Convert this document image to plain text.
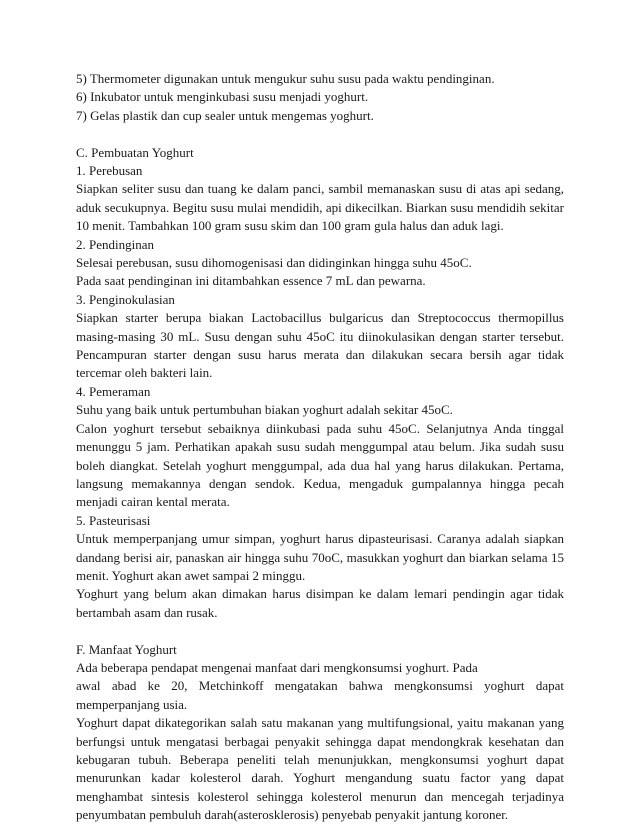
5) Thermometer digunakan untuk mengukur suhu susu pada waktu pendinginan.

6) Inkubator untuk menginkubasi susu menjadi yoghurt.

7) Gelas plastik dan cup sealer untuk mengemas yoghurt.

C. Pembuatan Yoghurt

1. Perebusan

Siapkan seliter susu dan tuang ke dalam panci, sambil memanaskan susu di atas api sedang, aduk secukupnya. Begitu susu mulai mendidih, api dikecilkan. Biarkan susu mendidih sekitar 10 menit. Tambahkan 100 gram susu skim dan 100 gram gula halus dan aduk lagi.

2. Pendinginan

Selesai perebusan, susu dihomogenisasi dan didinginkan hingga suhu 45oC.

Pada saat pendinginan ini ditambahkan essence 7 mL dan pewarna.

3. Penginokulasian

Siapkan starter berupa biakan Lactobacillus bulgaricus dan Streptococcus thermopillus masing-masing 30 mL. Susu dengan suhu 45oC itu diinokulasikan dengan starter tersebut. Pencampuran starter dengan susu harus merata dan dilakukan secara bersih agar tidak tercemar oleh bakteri lain.

4. Pemeraman

Suhu yang baik untuk pertumbuhan biakan yoghurt adalah sekitar 45oC.

Calon yoghurt tersebut sebaiknya diinkubasi pada suhu 45oC. Selanjutnya Anda tinggal menunggu 5 jam. Perhatikan apakah susu sudah menggumpal atau belum. Jika sudah susu boleh diangkat. Setelah yoghurt menggumpal, ada dua hal yang harus dilakukan. Pertama, langsung memakannya dengan sendok. Kedua, mengaduk gumpalannya hingga pecah menjadi cairan kental merata.

5. Pasteurisasi

Untuk memperpanjang umur simpan, yoghurt harus dipasteurisasi. Caranya adalah siapkan dandang berisi air, panaskan air hingga suhu 70oC, masukkan yoghurt dan biarkan selama 15 menit. Yoghurt akan awet sampai 2 minggu.

Yoghurt yang belum akan dimakan harus disimpan ke dalam lemari pendingin agar tidak bertambah asam dan rusak.

F. Manfaat Yoghurt

Ada beberapa pendapat mengenai manfaat dari mengkonsumsi yoghurt. Pada

awal abad ke 20, Metchinkoff mengatakan bahwa mengkonsumsi yoghurt dapat memperpanjang usia.

Yoghurt dapat dikategorikan salah satu makanan yang multifungsional, yaitu makanan yang berfungsi untuk mengatasi berbagai penyakit sehingga dapat mendongkrak kesehatan dan kebugaran tubuh. Beberapa peneliti telah menunjukkan, mengkonsumsi yoghurt dapat menurunkan kadar kolesterol darah. Yoghurt mengandung suatu factor yang dapat menghambat sintesis kolesterol sehingga kolesterol menurun dan mencegah terjadinya penyumbatan pembuluh darah(asterosklerosis) penyebab penyakit jantung koroner.
